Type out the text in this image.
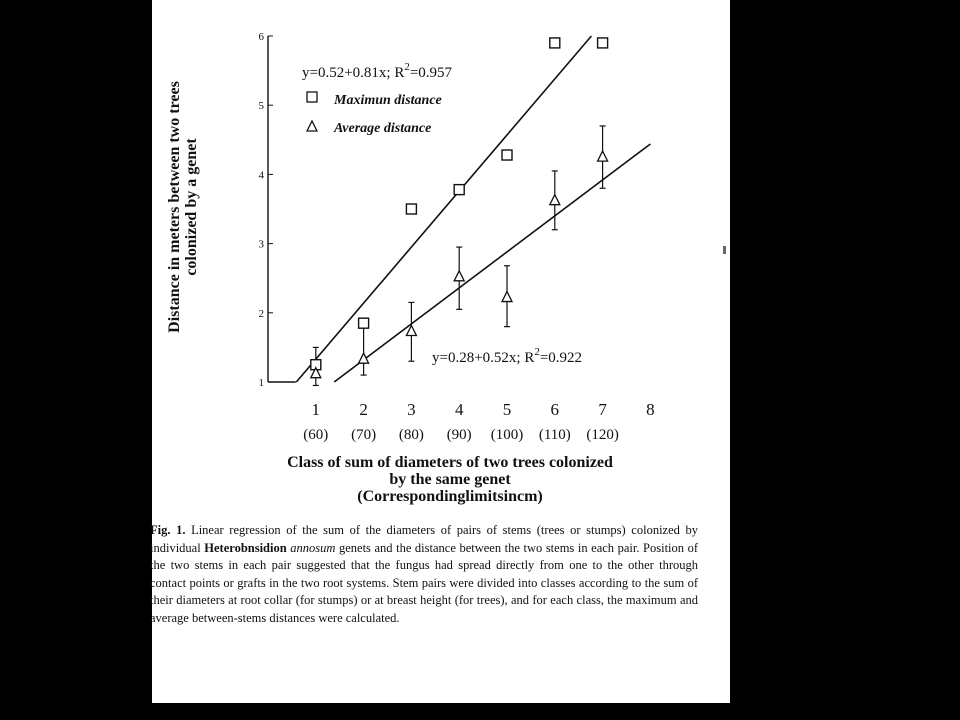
1
2
3
4
5
6
1 2 3 4 5 6 7 8
(60) (70) (80) (90) (100) (110) (120)
y=0.52+0.81x; $R^2=0.957$
Maximun distance
Average distance
y=0.28+0.52x; $R^2=0.922$
Distance in meters between two trees colonized by a genet
Class of sum of diameters of two trees colonized
by the same genet
(Correspondinglimitsincm)
Fig. 1. Linear regression of the sum of the diameters of pairs of stems (trees or stumps) colonized by individual Heterobnsidion annosum genets and the distance between the two stems in each pair. Position of the two stems in each pair suggested that the fungus had spread directly from one to the other through contact points or grafts in the two root systems. Stem pairs were divided into classes according to the sum of their diameters at root collar (for stumps) or at breast height (for trees), and for each class, the maximum and average between-stems distances were calculated.
